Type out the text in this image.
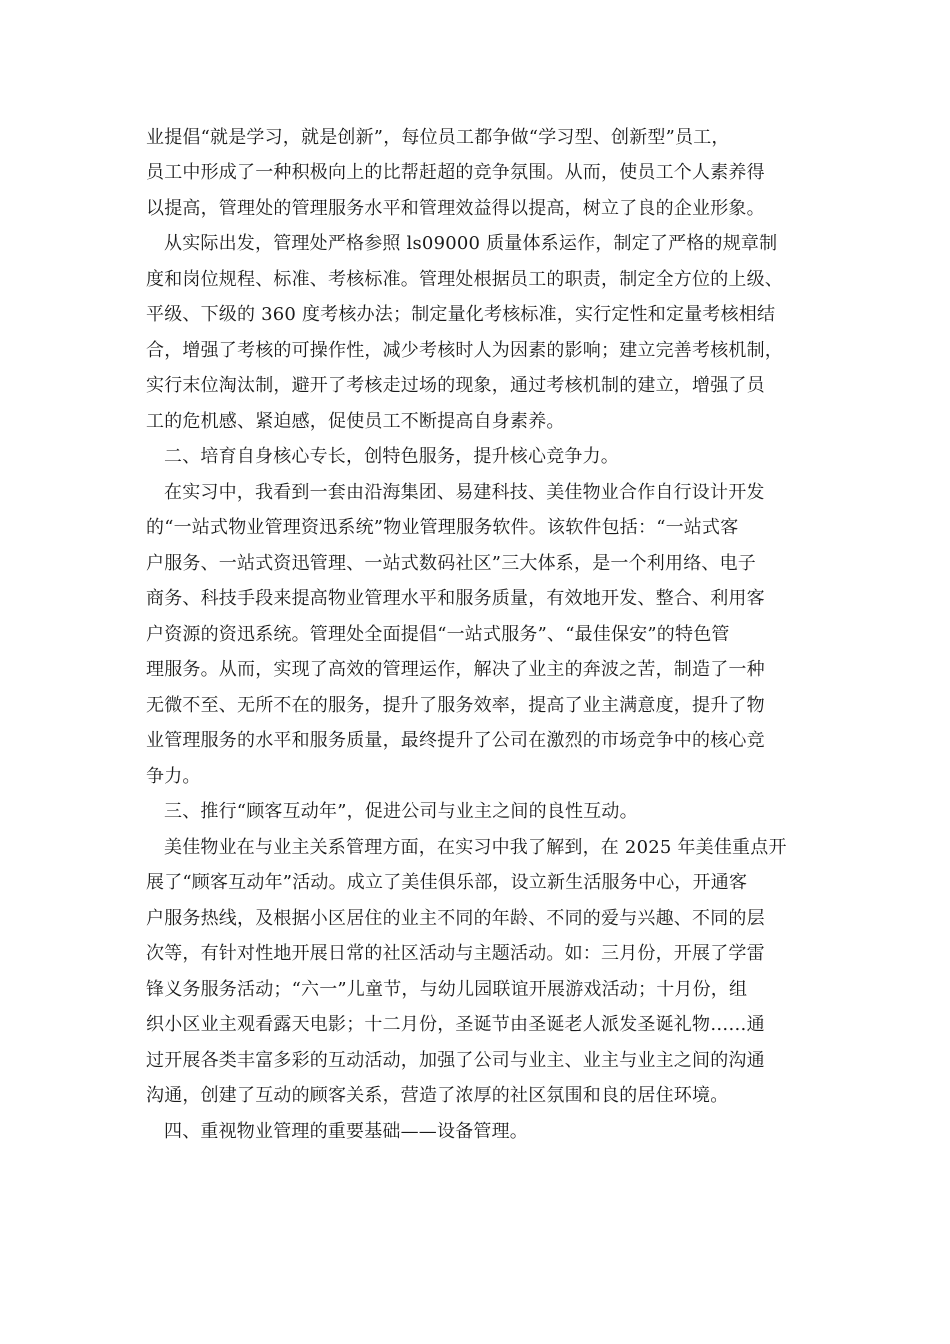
业提倡“就是学习，就是创新”，每位员工都争做“学习型、创新型”员工，
员工中形成了一种积极向上的比帮赶超的竞争氛围。从而，使员工个人素养得
以提高，管理处的管理服务水平和管理效益得以提高，树立了良的企业形象。
从实际出发，管理处严格参照 ls09000 质量体系运作，制定了严格的规章制
度和岗位规程、标准、考核标准。管理处根据员工的职责，制定全方位的上级、
平级、下级的 360 度考核办法；制定量化考核标准，实行定性和定量考核相结
合，增强了考核的可操作性，减少考核时人为因素的影响；建立完善考核机制，
实行末位淘汰制，避开了考核走过场的现象，通过考核机制的建立，增强了员
工的危机感、紧迫感，促使员工不断提高自身素养。
二、培育自身核心专长，创特色服务，提升核心竞争力。
在实习中，我看到一套由沿海集团、易建科技、美佳物业合作自行设计开发
的“一站式物业管理资迅系统”物业管理服务软件。该软件包括：“一站式客
户服务、一站式资迅管理、一站式数码社区”三大体系，是一个利用络、电子
商务、科技手段来提高物业管理水平和服务质量，有效地开发、整合、利用客
户资源的资迅系统。管理处全面提倡“一站式服务”、“最佳保安”的特色管
理服务。从而，实现了高效的管理运作，解决了业主的奔波之苦，制造了一种
无微不至、无所不在的服务，提升了服务效率，提高了业主满意度，提升了物
业管理服务的水平和服务质量，最终提升了公司在激烈的市场竞争中的核心竞
争力。
三、推行“顾客互动年”，促进公司与业主之间的良性互动。
美佳物业在与业主关系管理方面，在实习中我了解到，在 2025 年美佳重点开
展了“顾客互动年”活动。成立了美佳俱乐部，设立新生活服务中心，开通客
户服务热线，及根据小区居住的业主不同的年龄、不同的爱与兴趣、不同的层
次等，有针对性地开展日常的社区活动与主题活动。如：三月份，开展了学雷
锋义务服务活动；“六一”儿童节，与幼儿园联谊开展游戏活动；十月份，组
织小区业主观看露天电影；十二月份，圣诞节由圣诞老人派发圣诞礼物……通
过开展各类丰富多彩的互动活动，加强了公司与业主、业主与业主之间的沟通
沟通，创建了互动的顾客关系，营造了浓厚的社区氛围和良的居住环境。
四、重视物业管理的重要基础——设备管理。
